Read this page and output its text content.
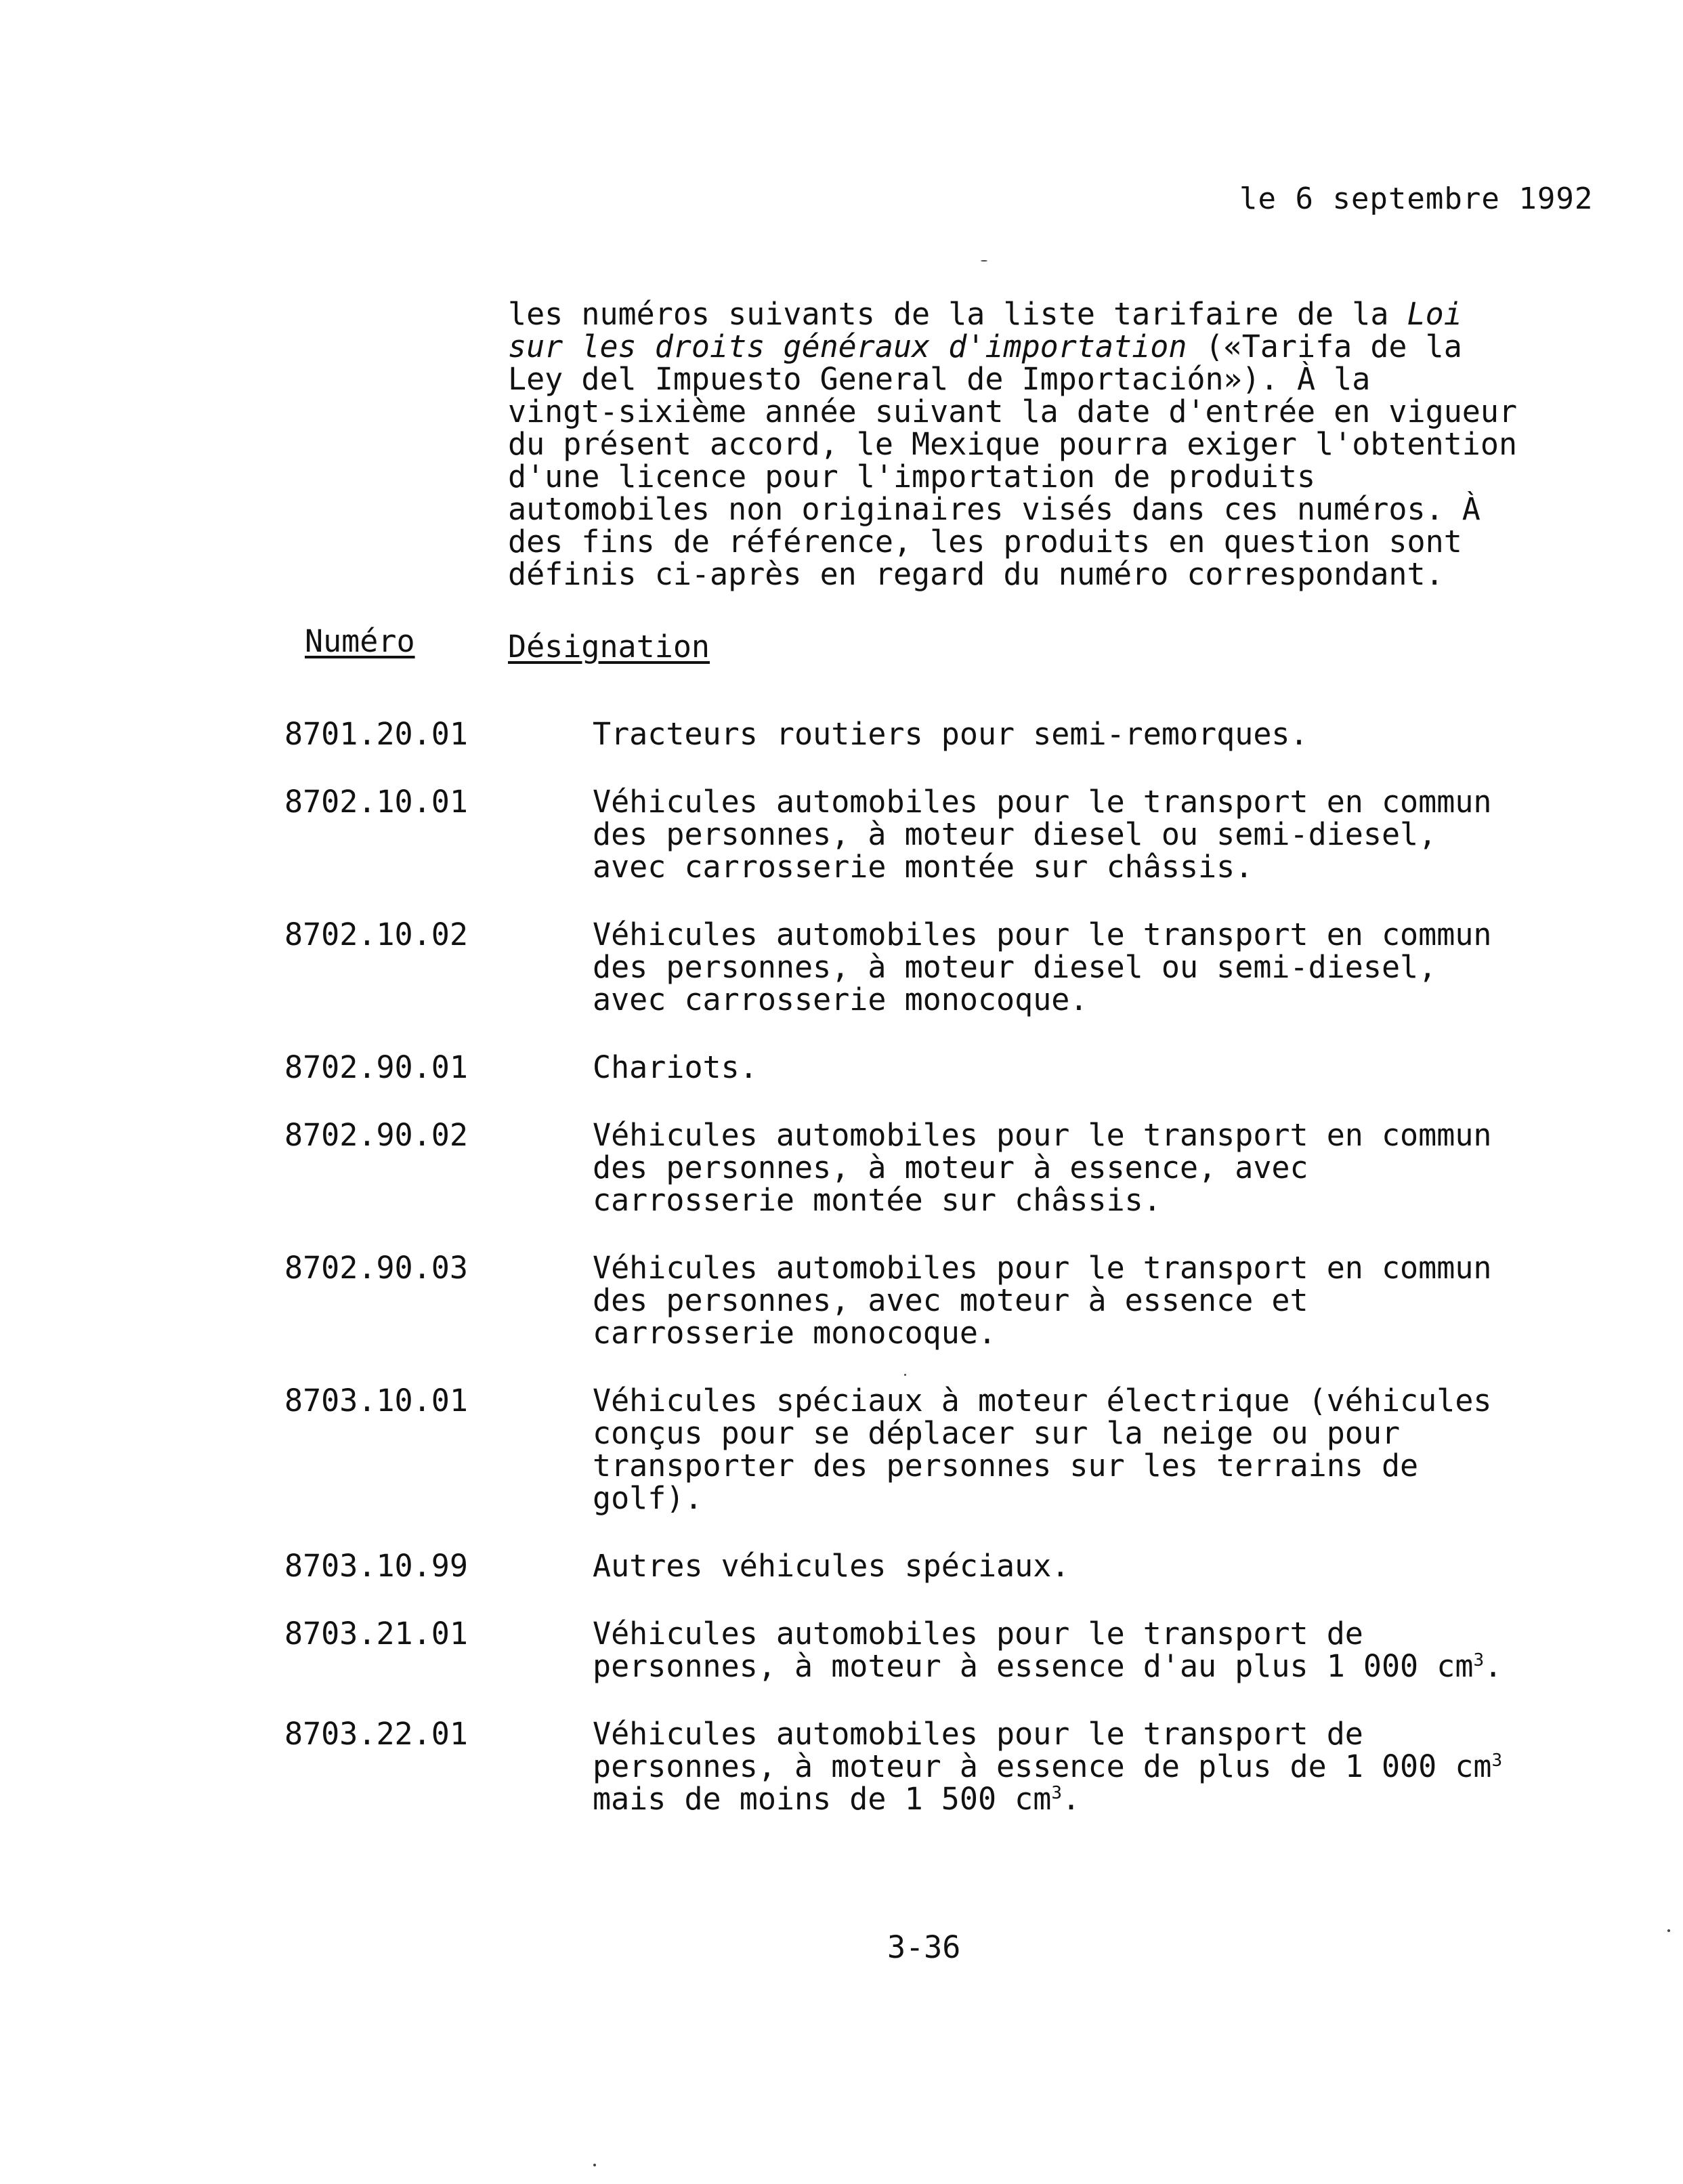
le 6 septembre 1992

les numéros suivants de la liste tarifaire de la Loi
sur les droits généraux d'importation («Tarifa de la
Ley del Impuesto General de Importación»). À la
vingt-sixième année suivant la date d'entrée en vigueur
du présent accord, le Mexique pourra exiger l'obtention
d'une licence pour l'importation de produits
automobiles non originaires visés dans ces numéros. À
des fins de référence, les produits en question sont
définis ci-après en regard du numéro correspondant.

Numéro	Désignation
8701.20.01	Tracteurs routiers pour semi-remorques.
8702.10.01	Véhicules automobiles pour le transport en commun
des personnes, à moteur diesel ou semi-diesel,
avec carrosserie montée sur châssis.
8702.10.02	Véhicules automobiles pour le transport en commun
des personnes, à moteur diesel ou semi-diesel,
avec carrosserie monocoque.
8702.90.01	Chariots.
8702.90.02	Véhicules automobiles pour le transport en commun
des personnes, à moteur à essence, avec
carrosserie montée sur châssis.
8702.90.03	Véhicules automobiles pour le transport en commun
des personnes, avec moteur à essence et
carrosserie monocoque.
8703.10.01	Véhicules spéciaux à moteur électrique (véhicules
conçus pour se déplacer sur la neige ou pour
transporter des personnes sur les terrains de
golf).
8703.10.99	Autres véhicules spéciaux.
8703.21.01	Véhicules automobiles pour le transport de
personnes, à moteur à essence d'au plus 1 000 $cm^3$.
8703.22.01	Véhicules automobiles pour le transport de
personnes, à moteur à essence de plus de 1 000 $cm^3$
mais de moins de 1 500 $cm^3$.
3-36
